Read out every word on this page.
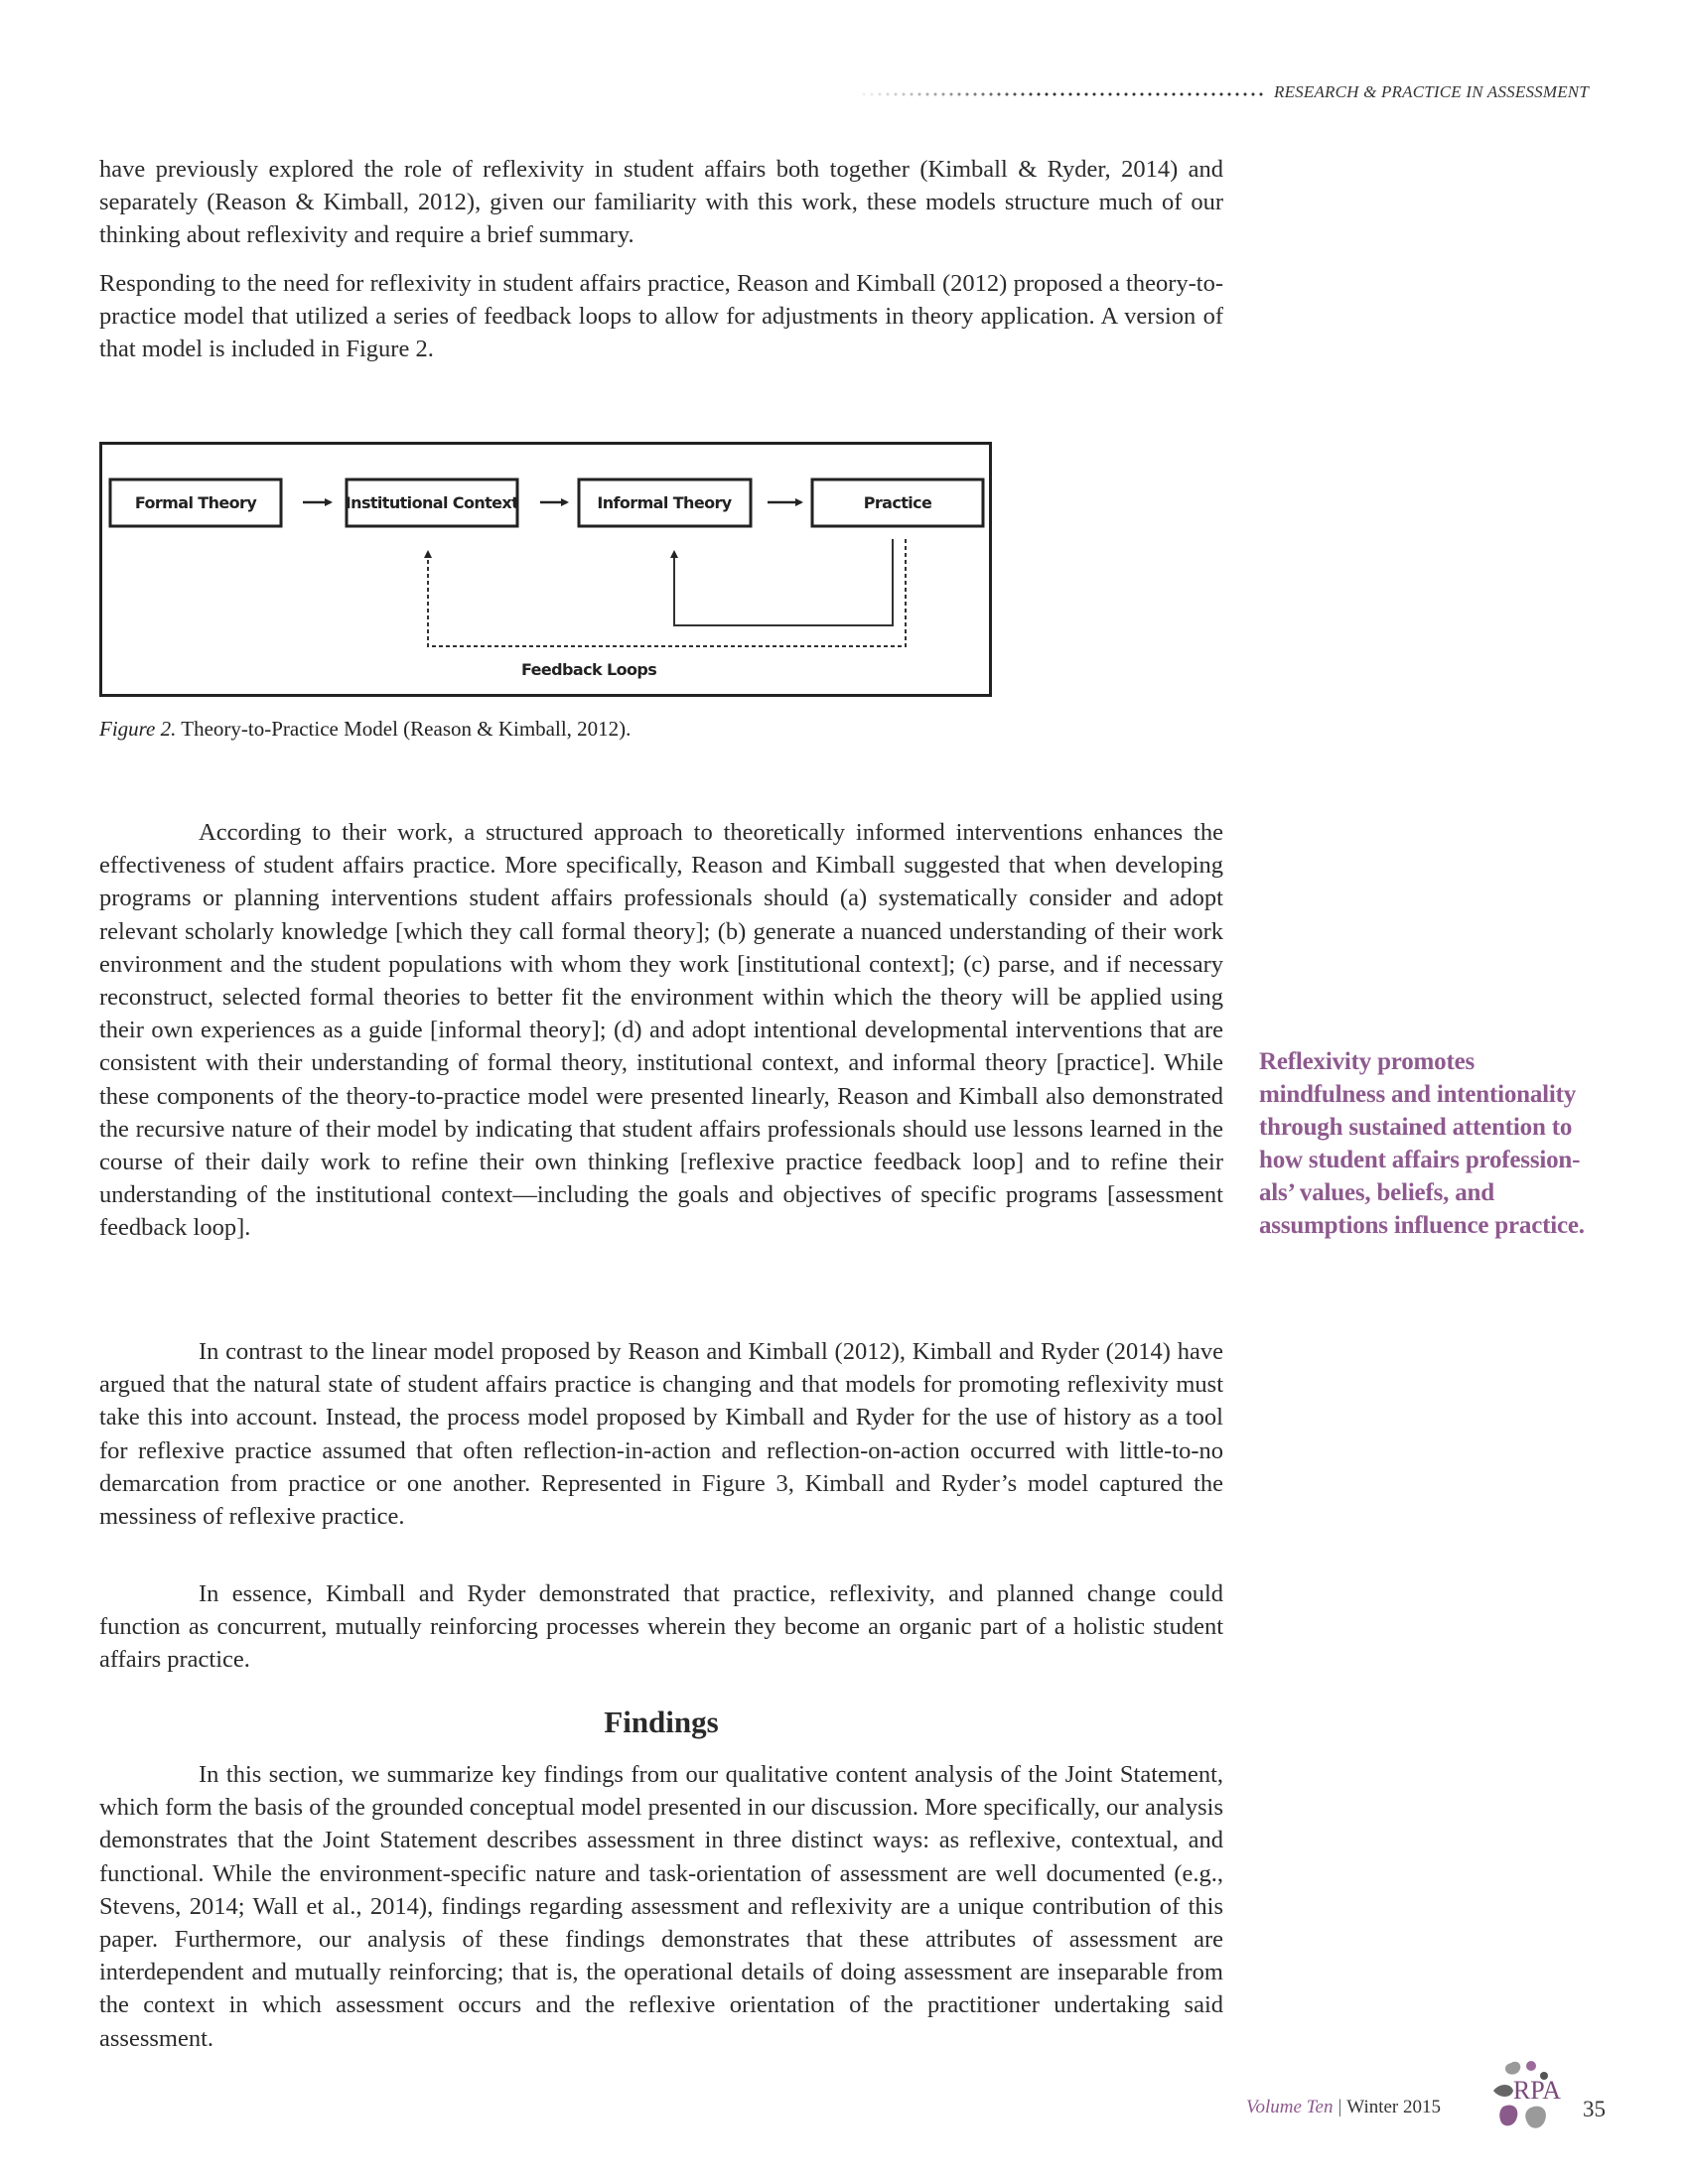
RESEARCH & PRACTICE IN ASSESSMENT

have previously explored the role of reflexivity in student affairs both together (Kimball & Ryder, 2014) and separately (Reason & Kimball, 2012), given our familiarity with this work, these models structure much of our thinking about reflexivity and require a brief summary.

Responding to the need for reflexivity in student affairs practice, Reason and Kimball (2012) proposed a theory-to-practice model that utilized a series of feedback loops to allow for adjustments in theory application. A version of that model is included in Figure 2.

Formal Theory	Institutional Context	Informal Theory	Practice
Feedback Loops

Figure 2. Theory-to-Practice Model (Reason & Kimball, 2012).

According to their work, a structured approach to theoretically informed interventions enhances the effectiveness of student affairs practice. More specifically, Reason and Kimball suggested that when developing programs or planning interventions student affairs professionals should (a) systematically consider and adopt relevant scholarly knowledge [which they call formal theory]; (b) generate a nuanced understanding of their work environment and the student populations with whom they work [institutional context]; (c) parse, and if necessary reconstruct, selected formal theories to better fit the environment within which the theory will be applied using their own experiences as a guide [informal theory]; (d) and adopt intentional developmental interventions that are consistent with their understanding of formal theory, institutional context, and informal theory [practice]. While these components of the theory-to-practice model were presented linearly, Reason and Kimball also demonstrated the recursive nature of their model by indicating that student affairs professionals should use lessons learned in the course of their daily work to refine their own thinking [reflexive practice feedback loop] and to refine their understanding of the institutional context—including the goals and objectives of specific programs [assessment feedback loop].

In contrast to the linear model proposed by Reason and Kimball (2012), Kimball and Ryder (2014) have argued that the natural state of student affairs practice is changing and that models for promoting reflexivity must take this into account. Instead, the process model proposed by Kimball and Ryder for the use of history as a tool for reflexive practice assumed that often reflection-in-action and reflection-on-action occurred with little-to-no demarcation from practice or one another. Represented in Figure 3, Kimball and Ryder’s model captured the messiness of reflexive practice.

In essence, Kimball and Ryder demonstrated that practice, reflexivity, and planned change could function as concurrent, mutually reinforcing processes wherein they become an organic part of a holistic student affairs practice.

Findings

In this section, we summarize key findings from our qualitative content analysis of the Joint Statement, which form the basis of the grounded conceptual model presented in our discussion. More specifically, our analysis demonstrates that the Joint Statement describes assessment in three distinct ways: as reflexive, contextual, and functional. While the environment-specific nature and task-orientation of assessment are well documented (e.g., Stevens, 2014; Wall et al., 2014), findings regarding assessment and reflexivity are a unique contribution of this paper. Furthermore, our analysis of these findings demonstrates that these attributes of assessment are interdependent and mutually reinforcing; that is, the operational details of doing assessment are inseparable from the context in which assessment occurs and the reflexive orientation of the practitioner undertaking said assessment.

Reflexivity promotes mindfulness and intentionality through sustained attention to how student affairs profession-als’ values, beliefs, and assumptions influence practice.

Volume Ten | Winter 2015
RPA
35
